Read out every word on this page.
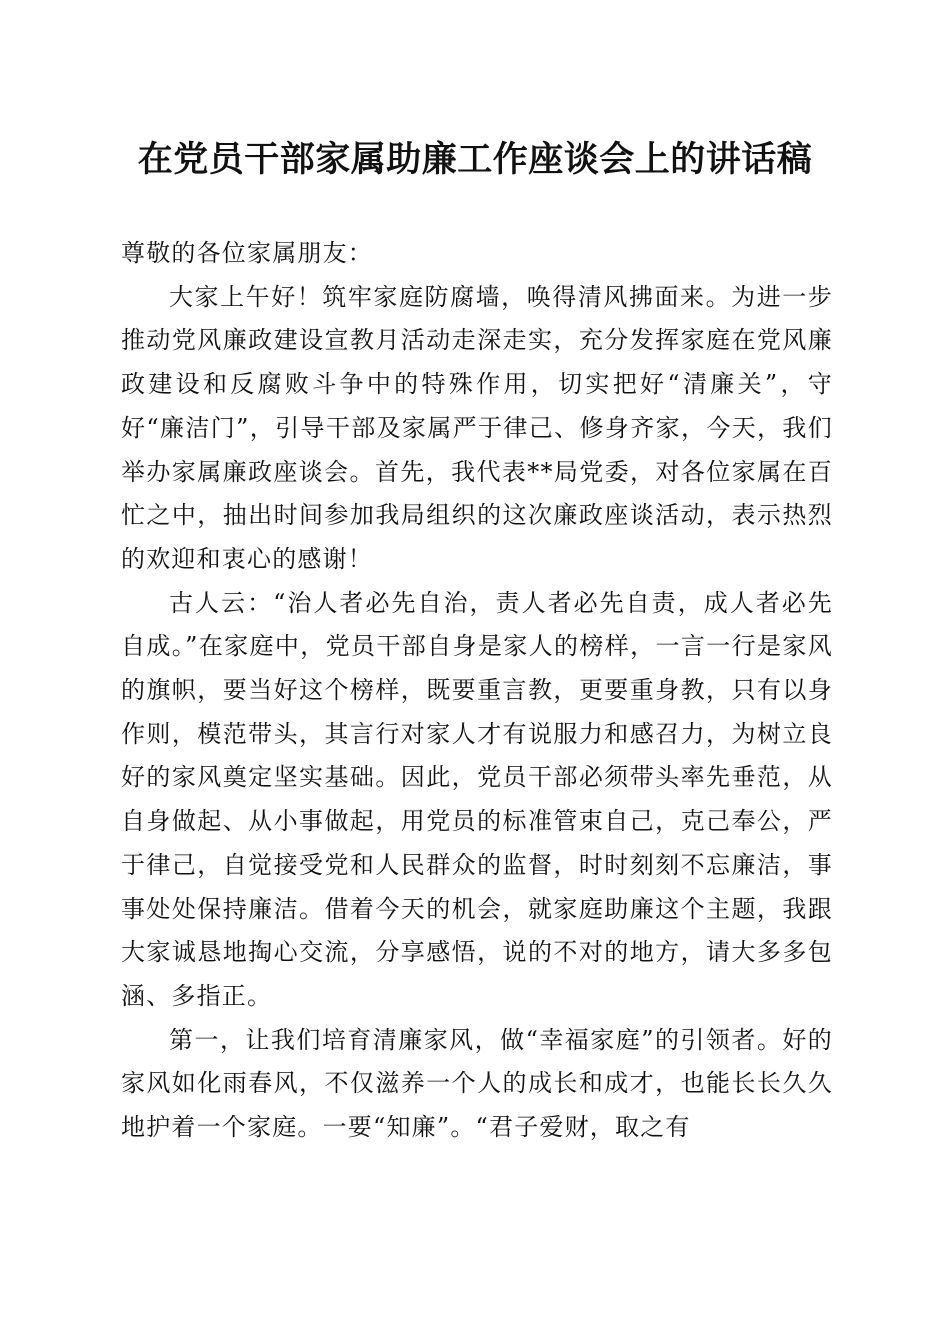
在党员干部家属助廉工作座谈会上的讲话稿

尊敬的各位家属朋友：

大家上午好！筑牢家庭防腐墙，唤得清风拂面来。为进一步推动党风廉政建设宣教月活动走深走实，充分发挥家庭在党风廉政建设和反腐败斗争中的特殊作用，切实把好“清廉关”，守好“廉洁门”，引导干部及家属严于律己、修身齐家，今天，我们举办家属廉政座谈会。首先，我代表**局党委，对各位家属在百忙之中，抽出时间参加我局组织的这次廉政座谈活动，表示热烈的欢迎和衷心的感谢！

古人云：“治人者必先自治，责人者必先自责，成人者必先自成。”在家庭中，党员干部自身是家人的榜样，一言一行是家风的旗帜，要当好这个榜样，既要重言教，更要重身教，只有以身作则，模范带头，其言行对家人才有说服力和感召力，为树立良好的家风奠定坚实基础。因此，党员干部必须带头率先垂范，从自身做起、从小事做起，用党员的标准管束自己，克己奉公，严于律己，自觉接受党和人民群众的监督，时时刻刻不忘廉洁，事事处处保持廉洁。借着今天的机会，就家庭助廉这个主题，我跟大家诚恳地掏心交流，分享感悟，说的不对的地方，请大多多包涵、多指正。

第一，让我们培育清廉家风，做“幸福家庭”的引领者。好的家风如化雨春风，不仅滋养一个人的成长和成才，也能长长久久地护着一个家庭。一要“知廉”。“君子爱财，取之有
